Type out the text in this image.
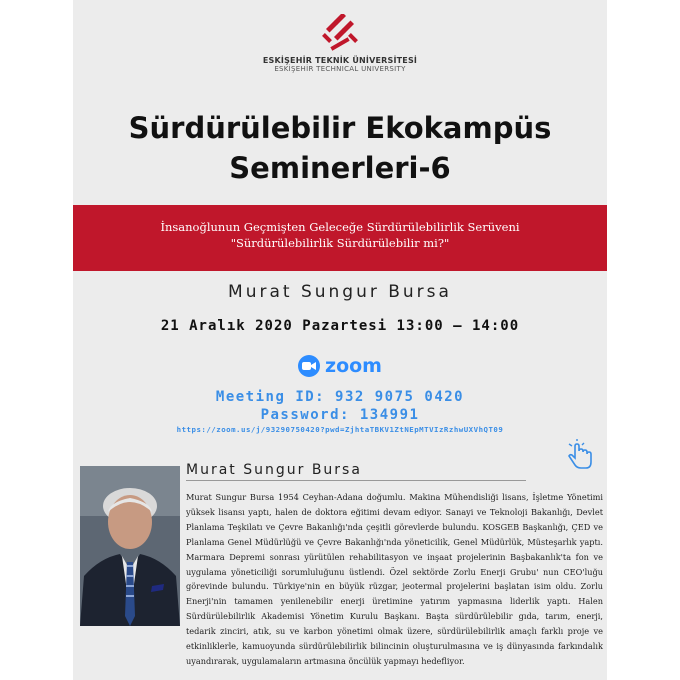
ESKİŞEHİR TEKNİK ÜNİVERSİTESİ
ESKİŞEHİR TECHNICAL UNIVERSITY
Sürdürülebilir Ekokampüs
Seminerleri-6
İnsanoğlunun Geçmişten Geleceğe Sürdürülebilirlik Serüveni
"Sürdürülebilirlik Sürdürülebilir mi?"
Murat Sungur Bursa
21 Aralık 2020 Pazartesi 13:00 – 14:00
zoom
Meeting ID: 932 9075 0420
Password: 134991
https://zoom.us/j/93290750420?pwd=ZjhtaTBKV1ZtNEpMTVIzRzhwUXVhQT09
Murat Sungur Bursa
Murat Sungur Bursa 1954 Ceyhan-Adana doğumlu. Makina Mühendisliği lisans, İşletme Yönetimi yüksek lisansı yaptı, halen de doktora eğitimi devam ediyor. Sanayi ve Teknoloji Bakanlığı, Devlet Planlama Teşkilatı ve Çevre Bakanlığı'nda çeşitli görevlerde bulundu. KOSGEB Başkanlığı, ÇED ve Planlama Genel Müdürlüğü ve Çevre Bakanlığı'nda yöneticilik, Genel Müdürlük, Müsteşarlık yaptı. Marmara Depremi sonrası yürütülen rehabilitasyon ve inşaat projelerinin Başbakanlık'ta fon ve uygulama yöneticiliği sorumluluğunu üstlendi. Özel sektörde Zorlu Enerji Grubu' nun CEO'luğu görevinde bulundu. Türkiye'nin en büyük rüzgar, jeotermal projelerini başlatan isim oldu. Zorlu Enerji'nin tamamen yenilenebilir enerji üretimine yatırım yapmasına liderlik yaptı. Halen Sürdürülebilirlik Akademisi Yönetim Kurulu Başkanı. Başta sürdürülebilir gıda, tarım, enerji, tedarik zinciri, atık, su ve karbon yönetimi olmak üzere, sürdürülebilirlik amaçlı farklı proje ve etkinliklerle, kamuoyunda sürdürülebilirlik bilincinin oluşturulmasına ve iş dünyasında farkındalık uyandırarak, uygulamaların artmasına öncülük yapmayı hedefliyor.
